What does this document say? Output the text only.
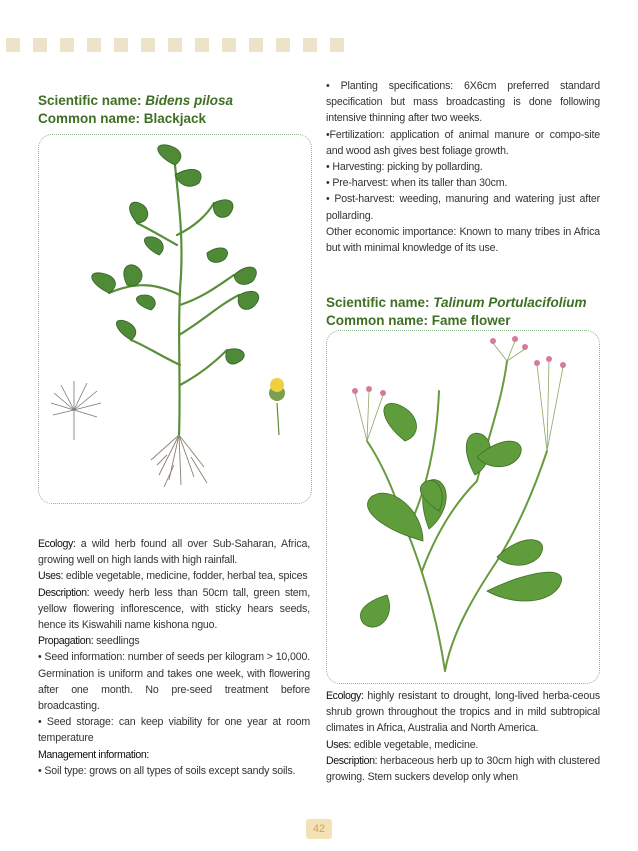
Scientific name: Bidens pilosa
Common name: Blackjack

Ecology: a wild herb found all over Sub-Saharan, Africa, growing well on high lands with high rainfall.

Uses: edible vegetable, medicine, fodder, herbal tea, spices

Description: weedy herb less than 50cm tall, green stem, yellow flowering inflorescence, with sticky hears seeds, hence its Kiswahili name kishona nguo.

Propagation: seedlings

• Seed information: number of seeds per kilogram > 10,000. Germination is uniform and takes one week, with flowering after one month. No pre-seed treatment before broadcasting.

• Seed storage: can keep viability for one year at room temperature

Management information:

• Soil type: grows on all types of soils except sandy soils.

• Planting specifications: 6X6cm preferred standard specification but mass broadcasting is done following intensive thinning after two weeks.

•Fertilization: application of animal manure or compo-site and wood ash gives best foliage growth.

• Harvesting: picking by pollarding.

• Pre-harvest: when its taller than 30cm.

• Post-harvest: weeding, manuring and watering just after pollarding.

Other economic importance: Known to many tribes in Africa but with minimal knowledge of its use.

Scientific name: Talinum Portulacifolium
Common name: Fame flower

Ecology: highly resistant to drought, long-lived herba-ceous shrub grown throughout the tropics and in mild subtropical climates in Africa, Australia and North America.

Uses: edible vegetable, medicine.

Description: herbaceous herb up to 30cm high with clustered growing. Stem suckers develop only when

42
